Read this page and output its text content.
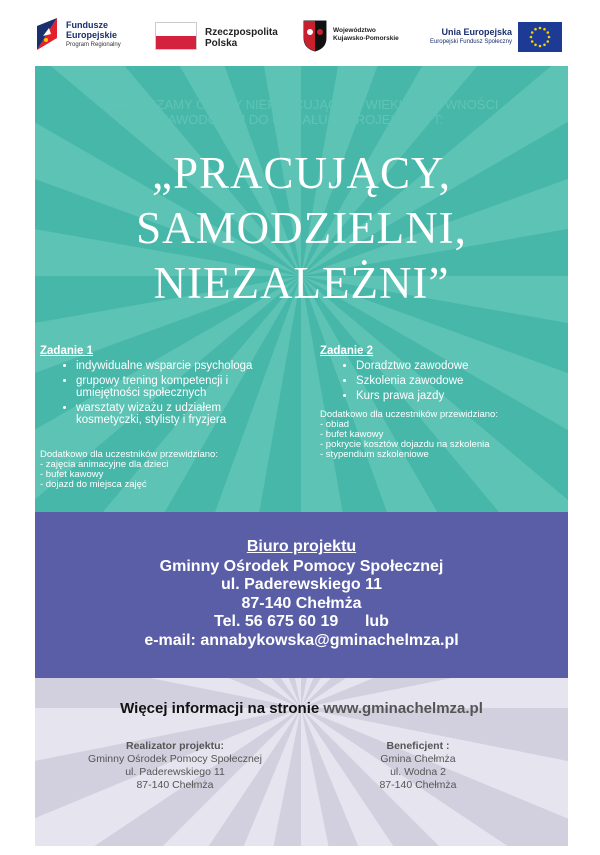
Fundusze
Europejskie
Program Regionalny
Rzeczpospolita
Polska
Województwo
Kujawsko-Pomorskie
Unia Europejska
Europejski Fundusz Społeczny
ZAPRASZAMY OSOBY NIEPRACUJĄCE W WIEKU AKTYWNOŚCI
ZAWODOWEJ DO UDZIAŁU W PROJEKCIE PT:
„PRACUJĄCY,
SAMODZIELNI,
NIEZALEŻNI”
Zadanie 1
• indywidualne wsparcie psychologa
• grupowy trening kompetencji i umiejętności społecznych
• warsztaty wizażu z udziałem kosmetyczki, stylisty i fryzjera

Dodatkowo dla uczestników przewidziano:

- zajęcia animacyjne dla dzieci

- bufet kawowy

- dojazd do miejsca zajęć

Zadanie 2
• Doradztwo zawodowe
• Szkolenia zawodowe
• Kurs prawa jazdy

Dodatkowo dla uczestników przewidziano:

- obiad

- bufet kawowy

- pokrycie kosztów dojazdu na szkolenia

- stypendium szkoleniowe

Biuro projektu
Gminny Ośrodek Pomocy Społecznej
ul. Paderewskiego 11
87-140 Chełmża
Tel. 56 675 60 19      lub
e-mail: annabykowska@gminachelmza.pl
Więcej informacji na stronie www.gminachelmza.pl
Realizator projektu:
Gminny Ośrodek Pomocy Społecznej
ul. Paderewskiego 11
87-140 Chełmża
Beneficjent :
Gmina Chełmża
ul. Wodna 2
87-140 Chełmża
